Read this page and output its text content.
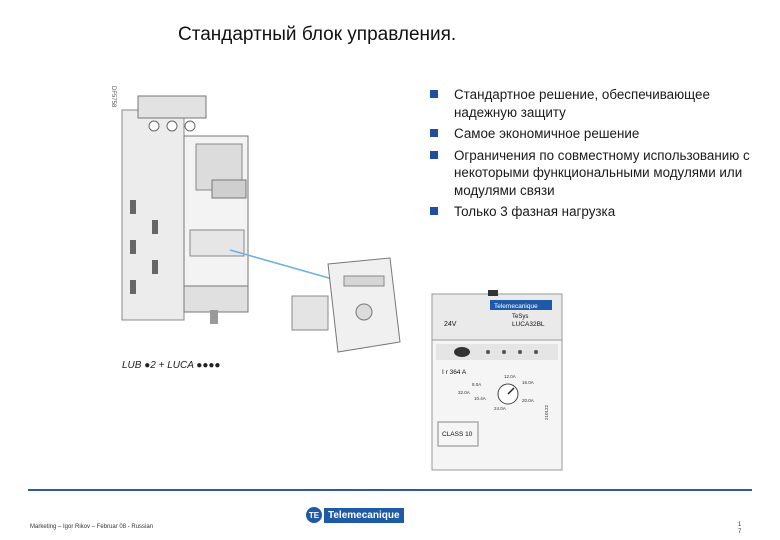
Стандартный блок управления.
Стандартное решение, обеспечивающее надежную защиту
Самое экономичное решение
Ограничения по совместному использованию с некоторыми функциональными модулями или модулями связи
Только 3 фазная нагрузка
DF5758
LUB ●2 + LUCA ●●●●
Telemecanique
TeSys
LUCA32BL
24V
I r 364 A
8.0A
10.4A
12.0A
16.0A
20.0A
24.0A
32.0A
CLASS 10
210122
Marketing – Igor Rikov – Februar 08 - Russian
TE Telemecanique
1
7
